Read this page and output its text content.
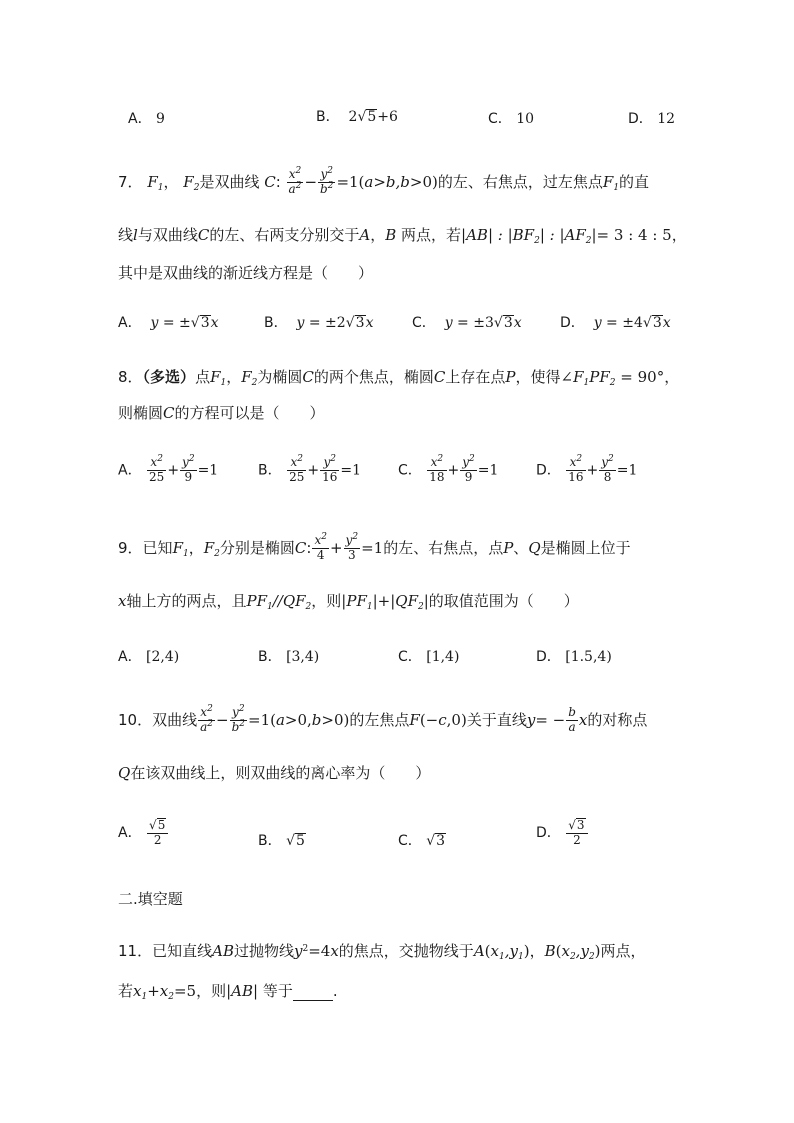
A． 9	B． 2√5+6	C． 10	D． 12
7． $F_1$， $F_2$是双曲线 C: $\frac{x^2}{a^2} - \frac{y^2}{b^2} =1(a>b,b>0)$的左、右焦点，过左焦点$F_1$的直
线l与双曲线C的左、右两支分别交于A，B 两点，若|AB| : $|BF_2|$ : $|AF_2|= 3$ : 4 : 5，
其中是双曲线的渐近线方程是（　　）
A． y = ±√3x	B． y = ±2√3x	C． y = ±3√3x	D． y = ±4√3x
8．（多选）点$F_1$，$F_2$为椭圆C的两个焦点，椭圆C上存在点P，使得$\angle F_1PF_2 = 90^\circ$，
则椭圆C的方程可以是（　　）
A． $\frac{x^2}{25} + \frac{y^2}{9} =1$	B． $\frac{x^2}{25} + \frac{y^2}{16} =1$	C． $\frac{x^2}{18} + \frac{y^2}{9} =1$	D． $\frac{x^2}{16} + \frac{y^2}{8} =1$
9．已知$F_1$，$F_2$分别是椭圆C: $\frac{x^2}{4} + \frac{y^2}{3} =1$的左、右焦点，点P、Q是椭圆上位于
x轴上方的两点，且$PF_1//QF_2$，则$|PF_1|+|QF_2|$的取值范围为（　　）
A． [2,4)	B． [3,4)	C． [1,4)	D． [1.5,4)
10．双曲线 $\frac{x^2}{a^2} - \frac{y^2}{b^2} =1(a>0,b>0)$的左焦点F(−c,0)关于直线$y= - \frac{b}{a}$ x的对称点
Q在该双曲线上，则双曲线的离心率为（　　）
A． $\frac{√5}{2}$	B． √5	C． √3
D． $\frac{√3}{2}$
二.填空题
11．已知直线AB过抛物线$y^2=4x$的焦点，交抛物线于$A(x_1,y_1)$，$B(x_2,y_2)$两点，
若$x_1+x_2=5$，则|AB| 等于	.
